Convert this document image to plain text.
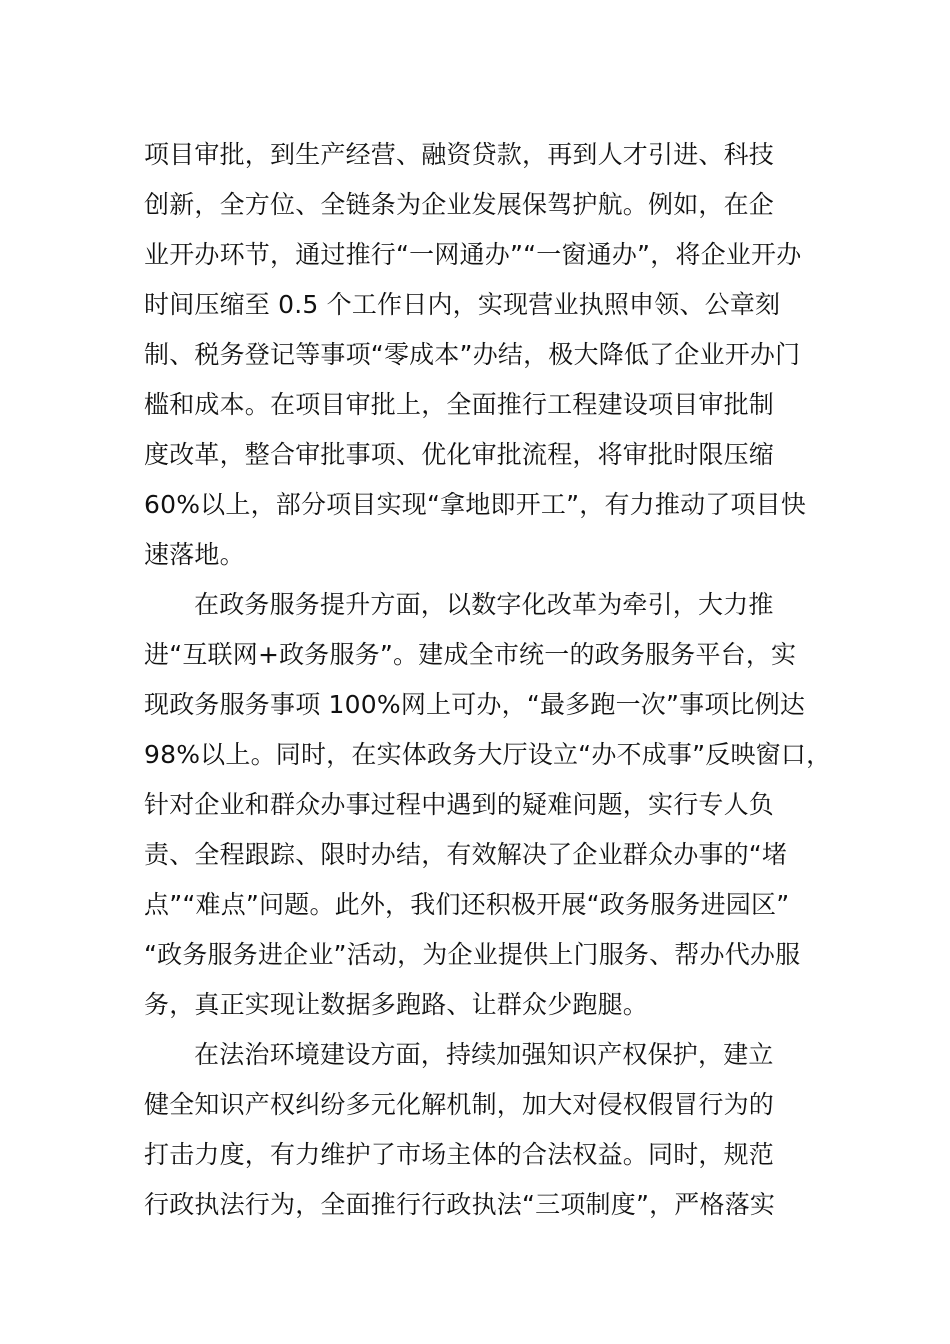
项目审批，到生产经营、融资贷款，再到人才引进、科技
创新，全方位、全链条为企业发展保驾护航。例如，在企
业开办环节，通过推行“一网通办”“一窗通办”，将企业开办
时间压缩至 0.5 个工作日内，实现营业执照申领、公章刻
制、税务登记等事项“零成本”办结，极大降低了企业开办门
槛和成本。在项目审批上，全面推行工程建设项目审批制
度改革，整合审批事项、优化审批流程，将审批时限压缩
60%以上，部分项目实现“拿地即开工”，有力推动了项目快
速落地。
在政务服务提升方面，以数字化改革为牵引，大力推
进“互联网+政务服务”。建成全市统一的政务服务平台，实
现政务服务事项 100%网上可办，“最多跑一次”事项比例达
98%以上。同时，在实体政务大厅设立“办不成事”反映窗口，
针对企业和群众办事过程中遇到的疑难问题，实行专人负
责、全程跟踪、限时办结，有效解决了企业群众办事的“堵
点”“难点”问题。此外，我们还积极开展“政务服务进园区”
“政务服务进企业”活动，为企业提供上门服务、帮办代办服
务，真正实现让数据多跑路、让群众少跑腿。
在法治环境建设方面，持续加强知识产权保护，建立
健全知识产权纠纷多元化解机制，加大对侵权假冒行为的
打击力度，有力维护了市场主体的合法权益。同时，规范
行政执法行为，全面推行行政执法“三项制度”，严格落实
